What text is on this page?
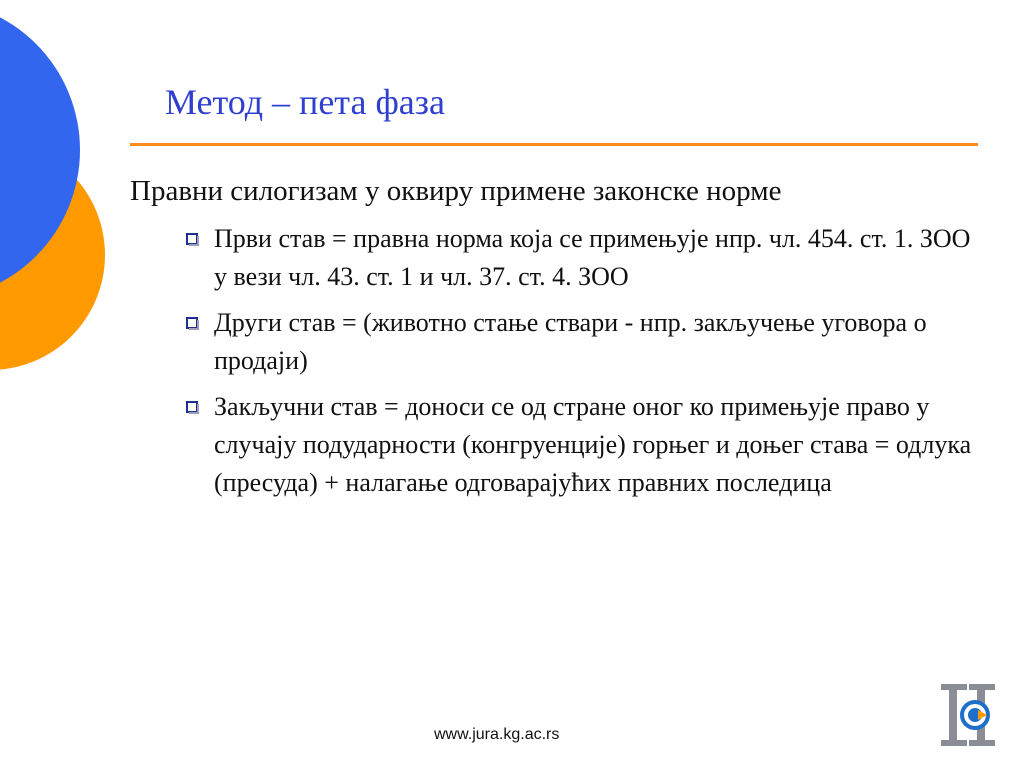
Метод – пета фаза
Правни силогизам у оквиру примене законске норме
Први став = правна норма која се примењује нпр. чл. 454. ст. 1. ЗОО у вези чл. 43. ст. 1 и чл. 37. ст. 4. ЗОО
Други став = (животно стање ствари - нпр. закључење уговора о продаји)
Закључни став = доноси се од стране оног ко примењује право у случају подударности (конгруенције) горњег и доњег става = одлука (пресуда) + налагање одговарајућих правних последица
www.jura.kg.ac.rs
